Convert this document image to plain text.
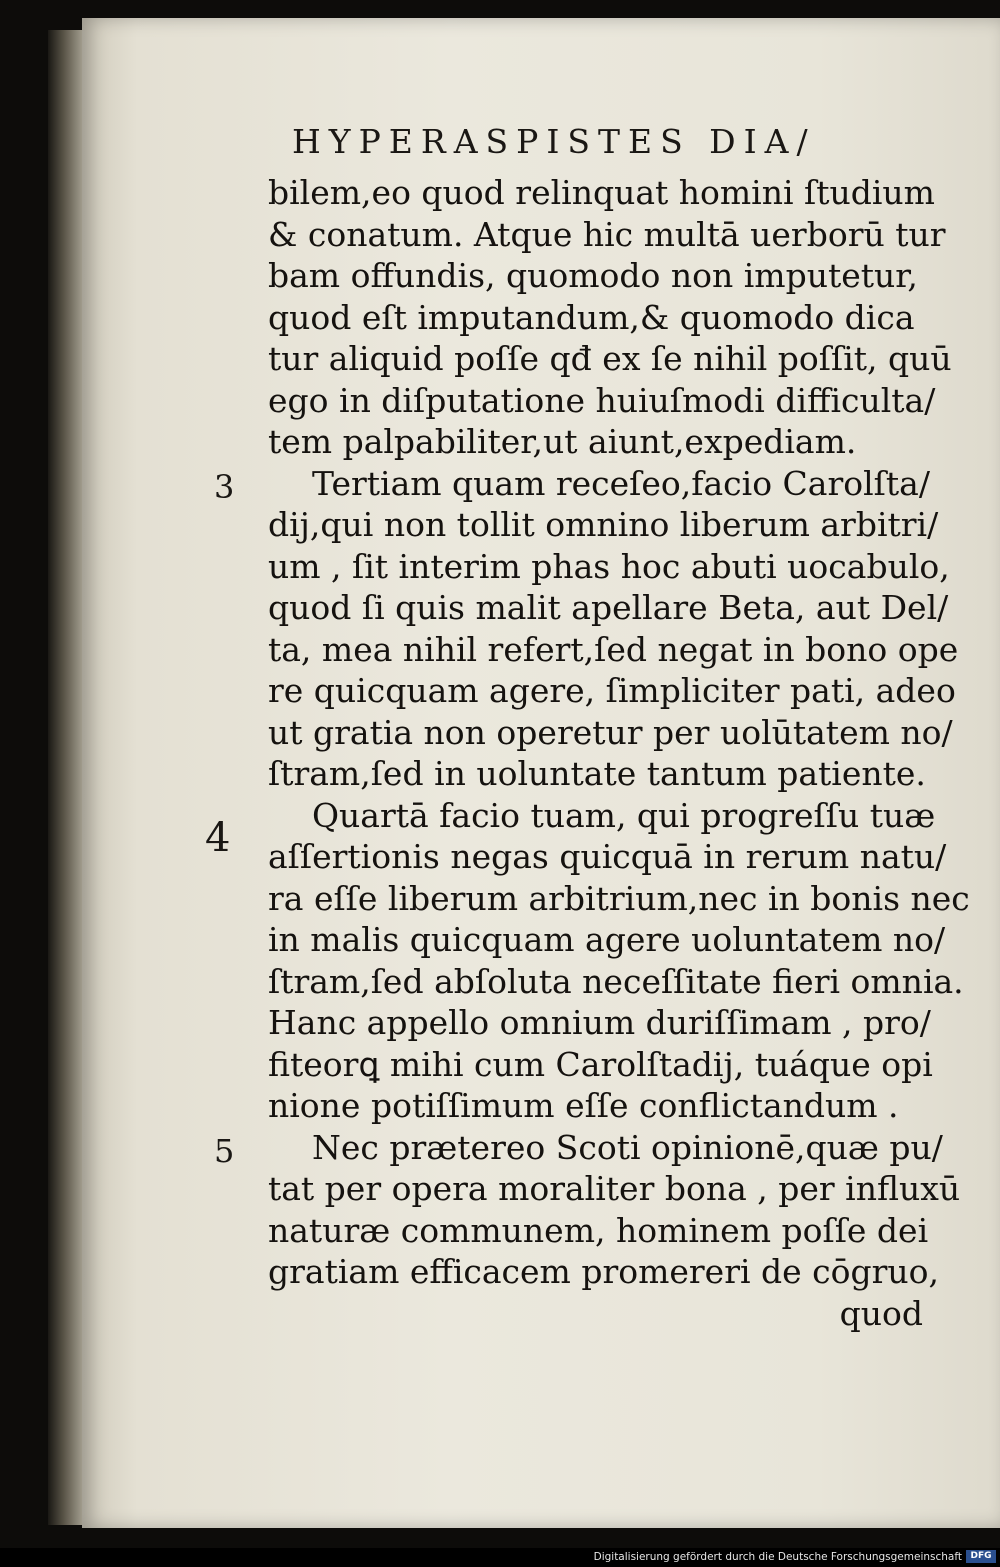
HYPERASPISTES DIA/
bilem,eo quod relinquat homini ſtudium
& conatum. Atque hic multā uerborū tur
bam offundis, quomodo non imputetur,
quod eſt imputandum,& quomodo dica
tur aliquid poſſe qđ ex ſe nihil poſſit, quū
ego in diſputatione huiuſmodi difficulta/
tem palpabiliter,ut aiunt,expediam.
Tertiam quam receſeo,facio Carolſta/
dij,qui non tollit omnino liberum arbitri/
um , ſit interim phas hoc abuti uocabulo,
quod ſi quis malit apellare Beta, aut Del/
ta, mea nihil refert,ſed negat in bono ope
re quicquam agere, ſimpliciter pati, adeo
ut gratia non operetur per uolūtatem no/
ſtram,ſed in uoluntate tantum patiente.
Quartā facio tuam, qui progreſſu tuæ
aſſertionis negas quicquā in rerum natu/
ra eſſe liberum arbitrium,nec in bonis nec
in malis quicquam agere uoluntatem no/
ſtram,ſed abſoluta neceſſitate fieri omnia.
Hanc appello omnium duriſſimam , pro/
fiteorꝗ mihi cum Carolſtadij, tuáque opi
nione potiſſimum eſſe conflictandum .
Nec prætereo Scoti opinionē,quæ pu/
tat per opera moraliter bona , per influxū
naturæ communem, hominem poſſe dei
gratiam efficacem promereri de cōgruo,
quod
3
4
5
Digitalisierung gefördert durch die Deutsche Forschungsgemeinschaft DFG
